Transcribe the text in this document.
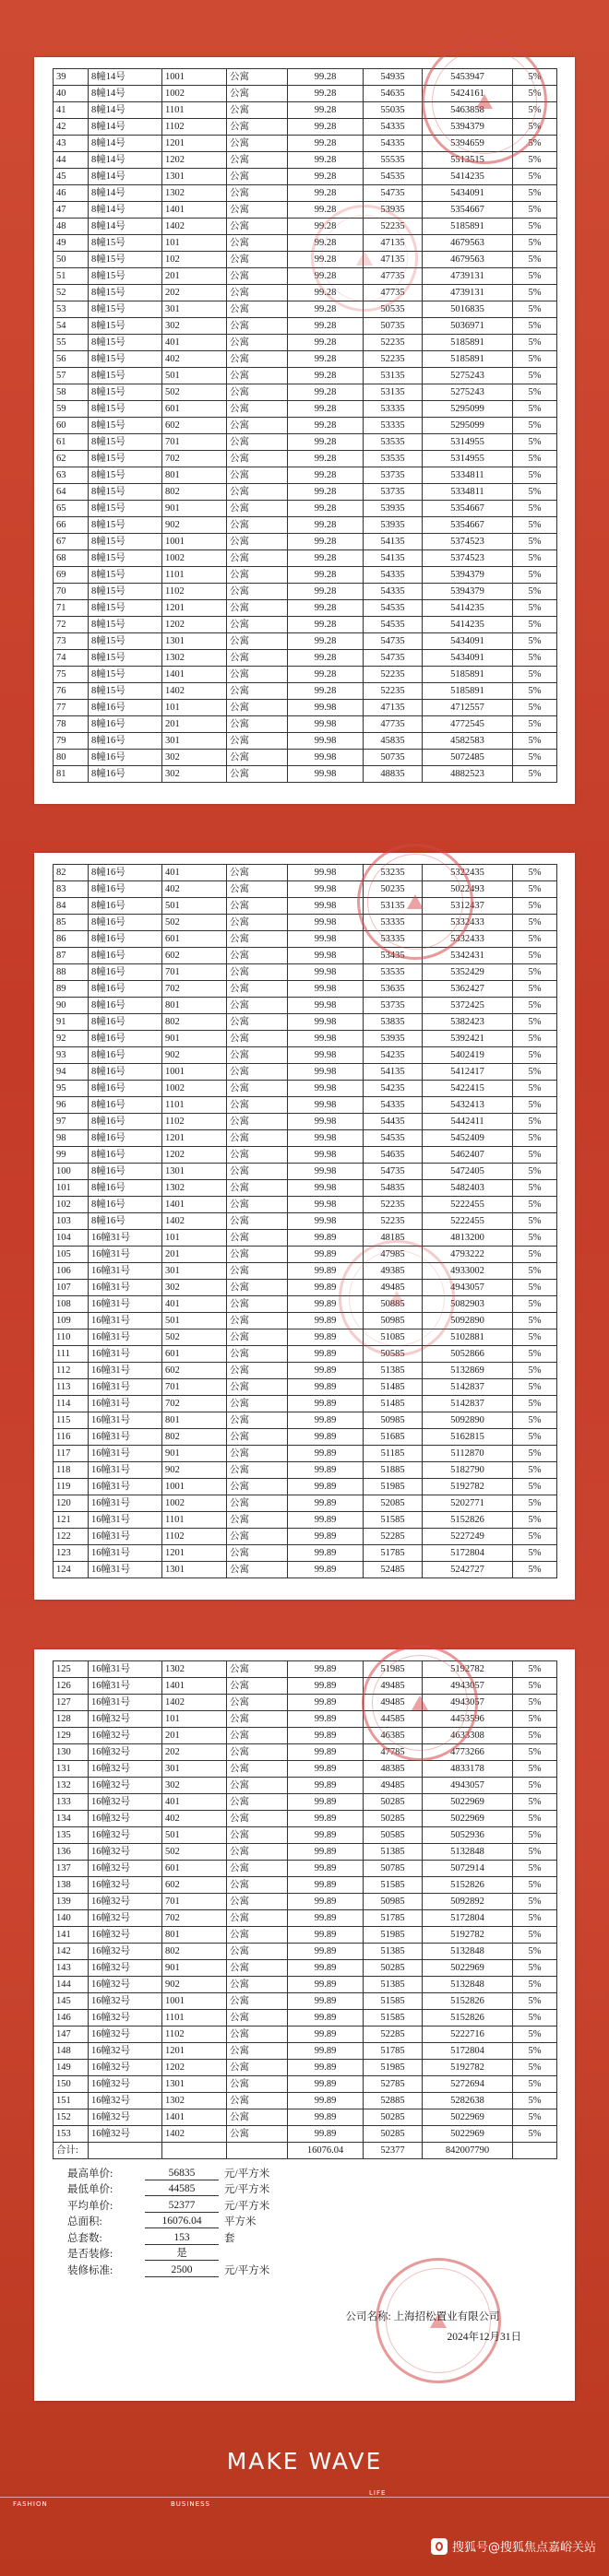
39	8幢14号	1001	公寓	99.28	54935	5453947	5%
40	8幢14号	1002	公寓	99.28	54635	5424161	5%
41	8幢14号	1101	公寓	99.28	55035	5463858	5%
42	8幢14号	1102	公寓	99.28	54335	5394379	5%
43	8幢14号	1201	公寓	99.28	54335	5394659	5%
44	8幢14号	1202	公寓	99.28	55535	5513515	5%
45	8幢14号	1301	公寓	99.28	54535	5414235	5%
46	8幢14号	1302	公寓	99.28	54735	5434091	5%
47	8幢14号	1401	公寓	99.28	53935	5354667	5%
48	8幢14号	1402	公寓	99.28	52235	5185891	5%
49	8幢15号	101	公寓	99.28	47135	4679563	5%
50	8幢15号	102	公寓	99.28	47135	4679563	5%
51	8幢15号	201	公寓	99.28	47735	4739131	5%
52	8幢15号	202	公寓	99.28	47735	4739131	5%
53	8幢15号	301	公寓	99.28	50535	5016835	5%
54	8幢15号	302	公寓	99.28	50735	5036971	5%
55	8幢15号	401	公寓	99.28	52235	5185891	5%
56	8幢15号	402	公寓	99.28	52235	5185891	5%
57	8幢15号	501	公寓	99.28	53135	5275243	5%
58	8幢15号	502	公寓	99.28	53135	5275243	5%
59	8幢15号	601	公寓	99.28	53335	5295099	5%
60	8幢15号	602	公寓	99.28	53335	5295099	5%
61	8幢15号	701	公寓	99.28	53535	5314955	5%
62	8幢15号	702	公寓	99.28	53535	5314955	5%
63	8幢15号	801	公寓	99.28	53735	5334811	5%
64	8幢15号	802	公寓	99.28	53735	5334811	5%
65	8幢15号	901	公寓	99.28	53935	5354667	5%
66	8幢15号	902	公寓	99.28	53935	5354667	5%
67	8幢15号	1001	公寓	99.28	54135	5374523	5%
68	8幢15号	1002	公寓	99.28	54135	5374523	5%
69	8幢15号	1101	公寓	99.28	54335	5394379	5%
70	8幢15号	1102	公寓	99.28	54335	5394379	5%
71	8幢15号	1201	公寓	99.28	54535	5414235	5%
72	8幢15号	1202	公寓	99.28	54535	5414235	5%
73	8幢15号	1301	公寓	99.28	54735	5434091	5%
74	8幢15号	1302	公寓	99.28	54735	5434091	5%
75	8幢15号	1401	公寓	99.28	52235	5185891	5%
76	8幢15号	1402	公寓	99.28	52235	5185891	5%
77	8幢16号	101	公寓	99.98	47135	4712557	5%
78	8幢16号	201	公寓	99.98	47735	4772545	5%
79	8幢16号	301	公寓	99.98	45835	4582583	5%
80	8幢16号	302	公寓	99.98	50735	5072485	5%
81	8幢16号	302	公寓	99.98	48835	4882523	5%
82	8幢16号	401	公寓	99.98	53235	5322435	5%
83	8幢16号	402	公寓	99.98	50235	5022493	5%
84	8幢16号	501	公寓	99.98	53135	5312437	5%
85	8幢16号	502	公寓	99.98	53335	5332433	5%
86	8幢16号	601	公寓	99.98	53335	5332433	5%
87	8幢16号	602	公寓	99.98	53435	5342431	5%
88	8幢16号	701	公寓	99.98	53535	5352429	5%
89	8幢16号	702	公寓	99.98	53635	5362427	5%
90	8幢16号	801	公寓	99.98	53735	5372425	5%
91	8幢16号	802	公寓	99.98	53835	5382423	5%
92	8幢16号	901	公寓	99.98	53935	5392421	5%
93	8幢16号	902	公寓	99.98	54235	5402419	5%
94	8幢16号	1001	公寓	99.98	54135	5412417	5%
95	8幢16号	1002	公寓	99.98	54235	5422415	5%
96	8幢16号	1101	公寓	99.98	54335	5432413	5%
97	8幢16号	1102	公寓	99.98	54435	5442411	5%
98	8幢16号	1201	公寓	99.98	54535	5452409	5%
99	8幢16号	1202	公寓	99.98	54635	5462407	5%
100	8幢16号	1301	公寓	99.98	54735	5472405	5%
101	8幢16号	1302	公寓	99.98	54835	5482403	5%
102	8幢16号	1401	公寓	99.98	52235	5222455	5%
103	8幢16号	1402	公寓	99.98	52235	5222455	5%
104	16幢31号	101	公寓	99.89	48185	4813200	5%
105	16幢31号	201	公寓	99.89	47985	4793222	5%
106	16幢31号	301	公寓	99.89	49385	4933002	5%
107	16幢31号	302	公寓	99.89	49485	4943057	5%
108	16幢31号	401	公寓	99.89	50885	5082903	5%
109	16幢31号	501	公寓	99.89	50985	5092890	5%
110	16幢31号	502	公寓	99.89	51085	5102881	5%
111	16幢31号	601	公寓	99.89	50585	5052866	5%
112	16幢31号	602	公寓	99.89	51385	5132869	5%
113	16幢31号	701	公寓	99.89	51485	5142837	5%
114	16幢31号	702	公寓	99.89	51485	5142837	5%
115	16幢31号	801	公寓	99.89	50985	5092890	5%
116	16幢31号	802	公寓	99.89	51685	5162815	5%
117	16幢31号	901	公寓	99.89	51185	5112870	5%
118	16幢31号	902	公寓	99.89	51885	5182790	5%
119	16幢31号	1001	公寓	99.89	51985	5192782	5%
120	16幢31号	1002	公寓	99.89	52085	5202771	5%
121	16幢31号	1101	公寓	99.89	51585	5152826	5%
122	16幢31号	1102	公寓	99.89	52285	5227249	5%
123	16幢31号	1201	公寓	99.89	51785	5172804	5%
124	16幢31号	1301	公寓	99.89	52485	5242727	5%
125	16幢31号	1302	公寓	99.89	51985	5192782	5%
126	16幢31号	1401	公寓	99.89	49485	4943057	5%
127	16幢31号	1402	公寓	99.89	49485	4943057	5%
128	16幢32号	101	公寓	99.89	44585	4453596	5%
129	16幢32号	201	公寓	99.89	46385	4633308	5%
130	16幢32号	202	公寓	99.89	47785	4773266	5%
131	16幢32号	301	公寓	99.89	48385	4833178	5%
132	16幢32号	302	公寓	99.89	49485	4943057	5%
133	16幢32号	401	公寓	99.89	50285	5022969	5%
134	16幢32号	402	公寓	99.89	50285	5022969	5%
135	16幢32号	501	公寓	99.89	50585	5052936	5%
136	16幢32号	502	公寓	99.89	51385	5132848	5%
137	16幢32号	601	公寓	99.89	50785	5072914	5%
138	16幢32号	602	公寓	99.89	51585	5152826	5%
139	16幢32号	701	公寓	99.89	50985	5092892	5%
140	16幢32号	702	公寓	99.89	51785	5172804	5%
141	16幢32号	801	公寓	99.89	51985	5192782	5%
142	16幢32号	802	公寓	99.89	51385	5132848	5%
143	16幢32号	901	公寓	99.89	50285	5022969	5%
144	16幢32号	902	公寓	99.89	51385	5132848	5%
145	16幢32号	1001	公寓	99.89	51585	5152826	5%
146	16幢32号	1101	公寓	99.89	51585	5152826	5%
147	16幢32号	1102	公寓	99.89	52285	5222716	5%
148	16幢32号	1201	公寓	99.89	51785	5172804	5%
149	16幢32号	1202	公寓	99.89	51985	5192782	5%
150	16幢32号	1301	公寓	99.89	52785	5272694	5%
151	16幢32号	1302	公寓	99.89	52885	5282638	5%
152	16幢32号	1401	公寓	99.89	50285	5022969	5%
153	16幢32号	1402	公寓	99.89	50285	5022969	5%
合计:				16076.04	52377	842007790	
最高单价:	56835	元/平方米
最低单价:	44585	元/平方米
平均单价:	52377	元/平方米
总面积:	16076.04	平方米
总套数:	153	套
是否装修:	是
装修标准:	2500	元/平方米
公司名称: 上海招松置业有限公司
2024年12月31日
MAKE WAVE
FASHION	BUSINESS
LIFE
搜狐号@搜狐焦点嘉峪关站
